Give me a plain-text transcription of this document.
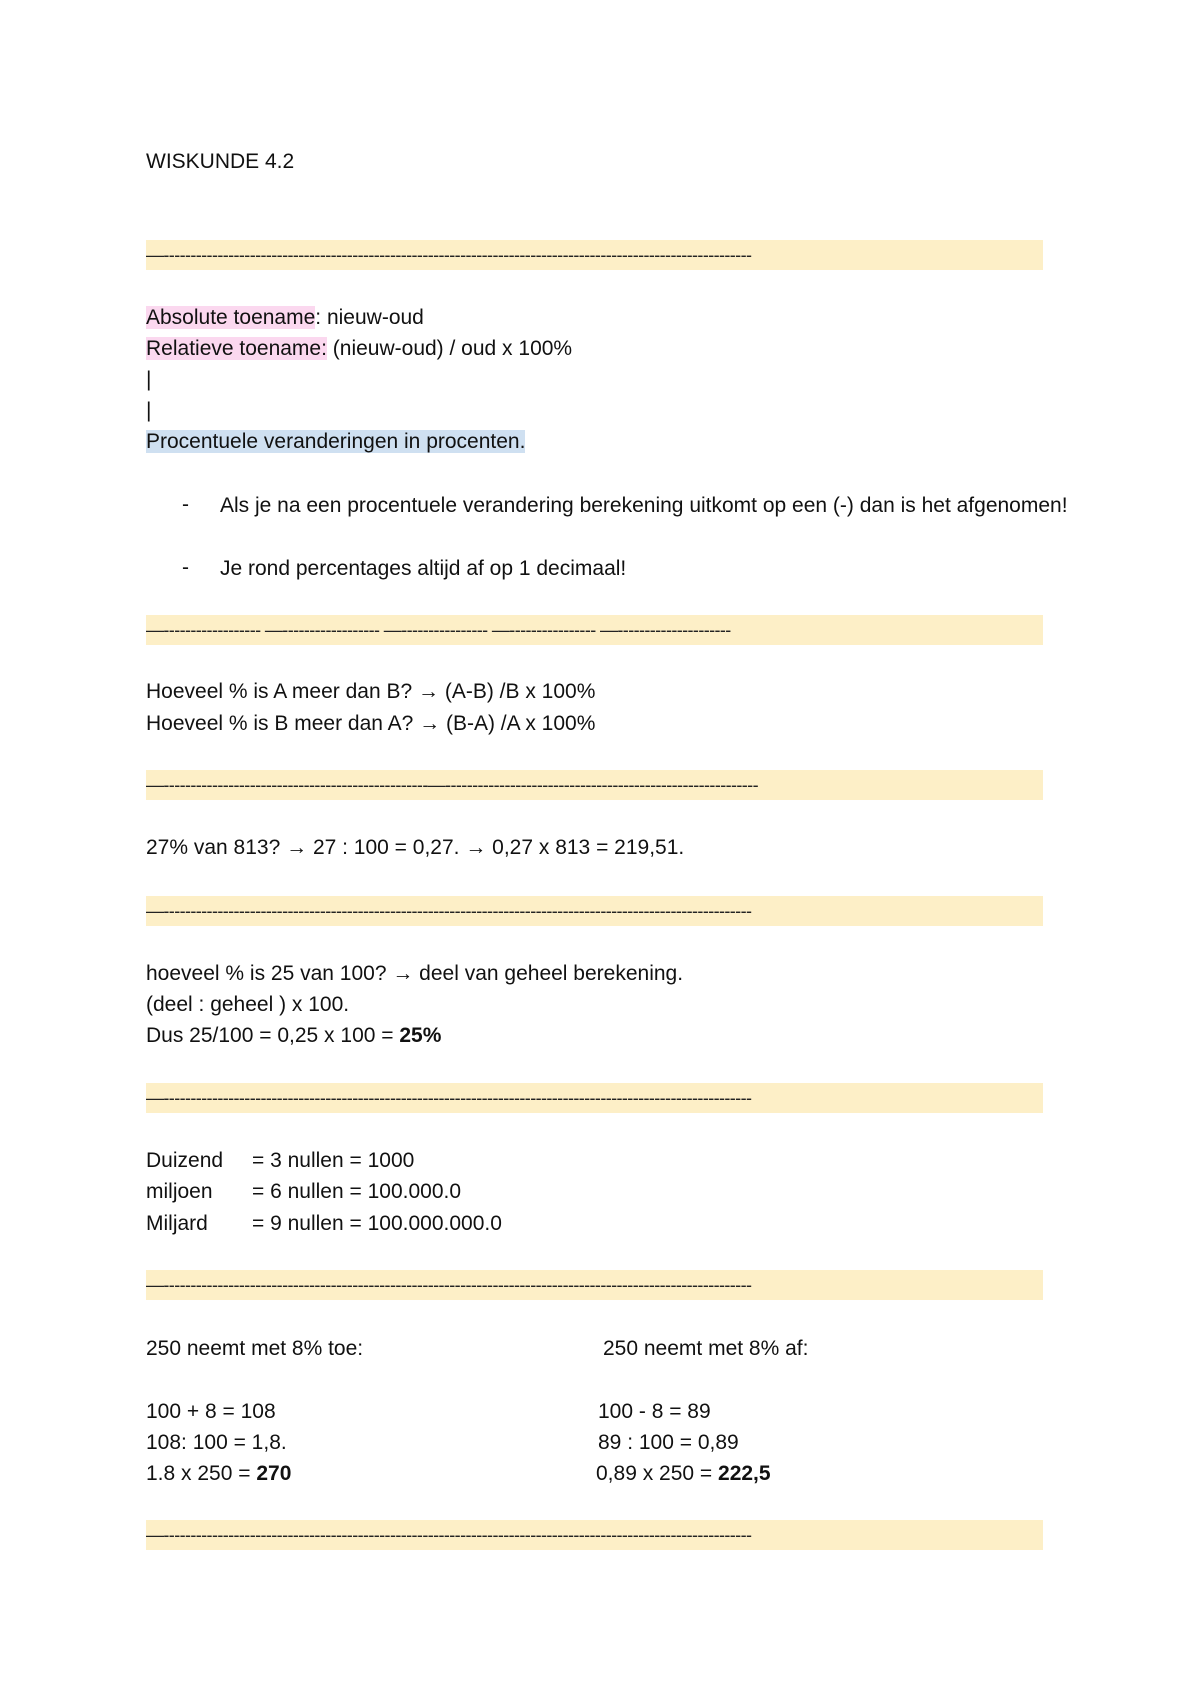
WISKUNDE 4.2
—-------------------------------------------------------------------------------------------------------------
Absolute toename: nieuw-oud
Relatieve toename: (nieuw-oud) / oud x 100%
|
|
Procentuele veranderingen in procenten.
- Als je na een procentuele verandering berekening uitkomt op een (-) dan is het afgenomen!
- Je rond percentages altijd af op 1 decimaal!
—------------------ —------------------ —---------------- —---------------- —---------------------
Hoeveel % is A meer dan B? → (A-B) /B x 100%
Hoeveel % is B meer dan A? → (B-A) /A x 100%
—-------------------------------------------------—----------------------------------------------------------
27% van 813? → 27 : 100 = 0,27. → 0,27 x 813 = 219,51.
—-------------------------------------------------------------------------------------------------------------
hoeveel % is 25 van 100? → deel van geheel berekening.
(deel : geheel ) x 100.
Dus 25/100 = 0,25 x 100 = 25%
—-------------------------------------------------------------------------------------------------------------
Duizend = 3 nullen = 1000
miljoen = 6 nullen = 100.000.0
Miljard = 9 nullen = 100.000.000.0
—-------------------------------------------------------------------------------------------------------------
250 neemt met 8% toe:
100 + 8 = 108
108: 100 = 1,8.
1.8 x 250 = 270
250 neemt met 8% af:
100 - 8 = 89
89 : 100 = 0,89
0,89 x 250 = 222,5
—-------------------------------------------------------------------------------------------------------------
